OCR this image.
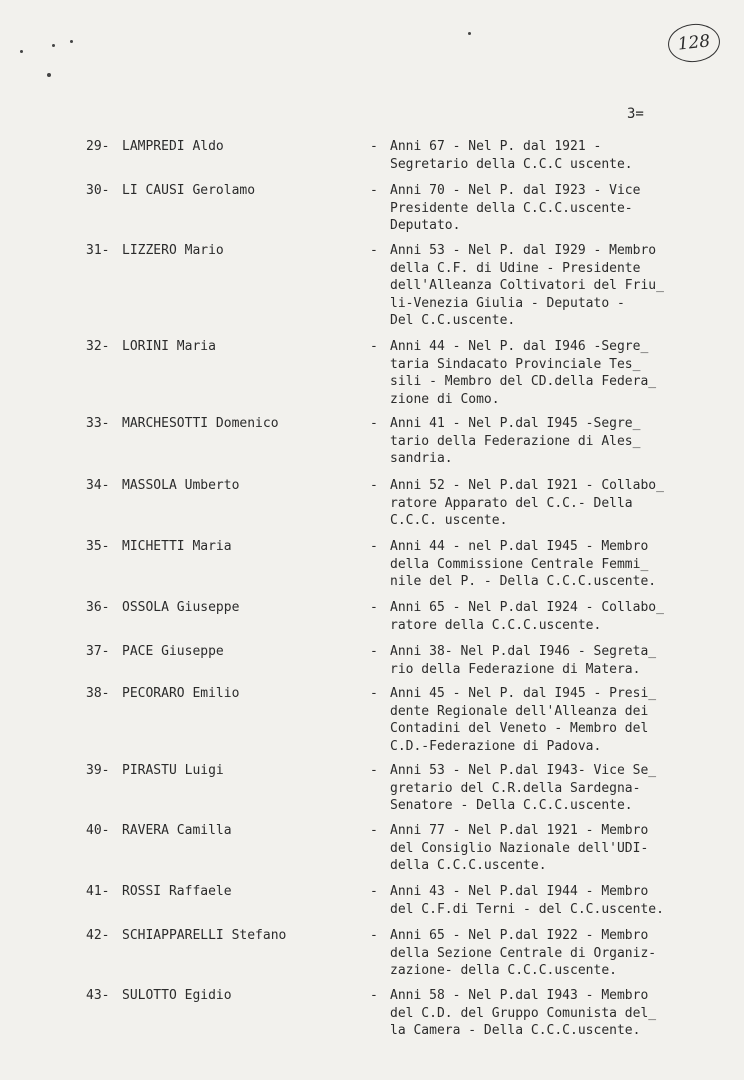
128
3=
29- LAMPREDI Aldo	- Anni 67 - Nel P. dal 1921 -
Segretario della C.C.C uscente.
30- LI CAUSI Gerolamo	- Anni 70 - Nel P. dal I923 - Vice
Presidente della C.C.C.uscente-
Deputato.
31- LIZZERO Mario	- Anni 53 - Nel P. dal I929 - Membro
della C.F. di Udine - Presidente
dell'Alleanza Coltivatori del Friu_
li-Venezia Giulia - Deputato -
Del C.C.uscente.
32- LORINI Maria	- Anni 44 - Nel P. dal I946 -Segre_
taria Sindacato Provinciale Tes_
sili - Membro del CD.della Federa_
zione di Como.
33- MARCHESOTTI Domenico	- Anni 41 - Nel P.dal I945 -Segre_
tario della Federazione di Ales_
sandria.
34- MASSOLA Umberto	- Anni 52 - Nel P.dal I921 - Collabo_
ratore Apparato del C.C.- Della
C.C.C. uscente.
35- MICHETTI Maria	- Anni 44 - nel P.dal I945 - Membro
della Commissione Centrale Femmi_
nile del P. - Della C.C.C.uscente.
36- OSSOLA Giuseppe	- Anni 65 - Nel P.dal I924 - Collabo_
ratore della C.C.C.uscente.
37- PACE Giuseppe	- Anni 38- Nel P.dal I946 - Segreta_
rio della Federazione di Matera.
38- PECORARO Emilio	- Anni 45 - Nel P. dal I945 - Presi_
dente Regionale dell'Alleanza dei
Contadini del Veneto - Membro del
C.D.-Federazione di Padova.
39- PIRASTU Luigi	- Anni 53 - Nel P.dal I943- Vice Se_
gretario del C.R.della Sardegna-
Senatore - Della C.C.C.uscente.
40- RAVERA Camilla	- Anni 77 - Nel P.dal 1921 - Membro
del Consiglio Nazionale dell'UDI-
della C.C.C.uscente.
41- ROSSI Raffaele	- Anni 43 - Nel P.dal I944 - Membro
del C.F.di Terni - del C.C.uscente.
42- SCHIAPPARELLI Stefano	- Anni 65 - Nel P.dal I922 - Membro
della Sezione Centrale di Organiz-
zazione- della C.C.C.uscente.
43- SULOTTO Egidio	- Anni 58 - Nel P.dal I943 - Membro
del C.D. del Gruppo Comunista del_
la Camera - Della C.C.C.uscente.
